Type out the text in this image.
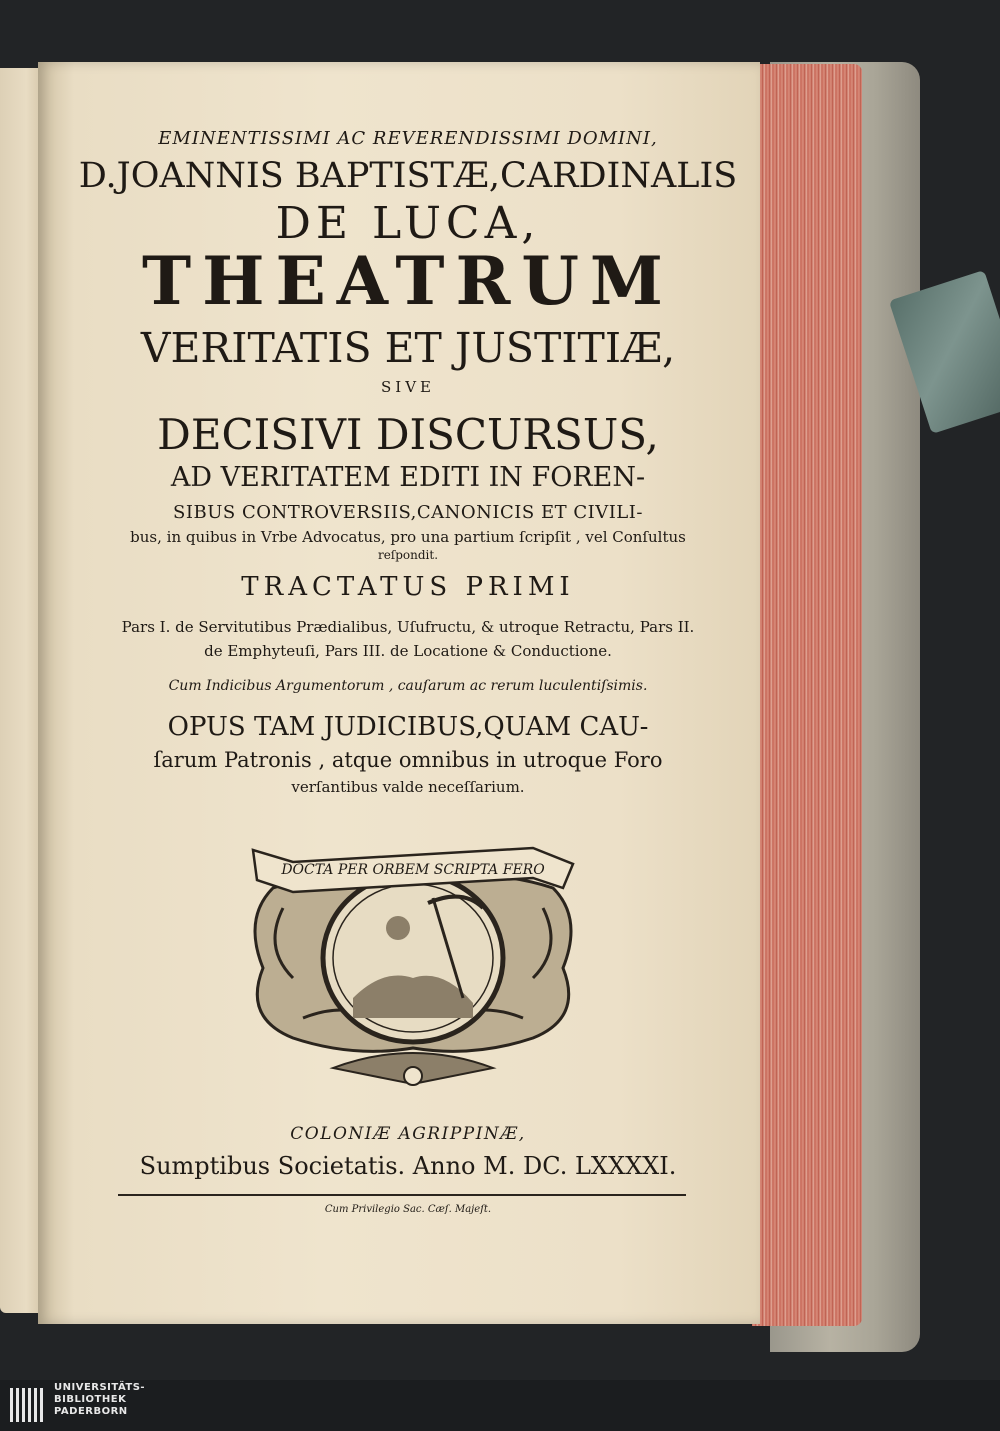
EMINENTISSIMI AC REVERENDISSIMI DOMINI,
D.JOANNIS BAPTISTÆ,CARDINALIS
DE LUCA,
THEATRUM
VERITATIS ET JUSTITIÆ,
SIVE
DECISIVI DISCURSUS,
AD VERITATEM EDITI IN FOREN-
SIBUS CONTROVERSIIS,CANONICIS ET CIVILI-
bus, in quibus in Vrbe Advocatus, pro una partium ſcripſit , vel Conſultus
reſpondit.
TRACTATUS PRIMI
Pars I. de Servitutibus Prædialibus, Uſufructu, & utroque Retractu, Pars II.
de Emphyteuſi, Pars III. de Locatione & Conductione.
Cum Indicibus Argumentorum , cauſarum ac rerum luculentiſsimis.
OPUS TAM JUDICIBUS,QUAM CAU-
ſarum Patronis , atque omnibus in utroque Foro
verſantibus valde neceſſarium.
DOCTA PER ORBEM SCRIPTA FERO
COLONIÆ AGRIPPINÆ,
Sumptibus Societatis. Anno M. DC. LXXXXI.
Cum Privilegio Sac. Cæſ. Majeſt.
UNIVERSITÄTS-
BIBLIOTHEK
PADERBORN
